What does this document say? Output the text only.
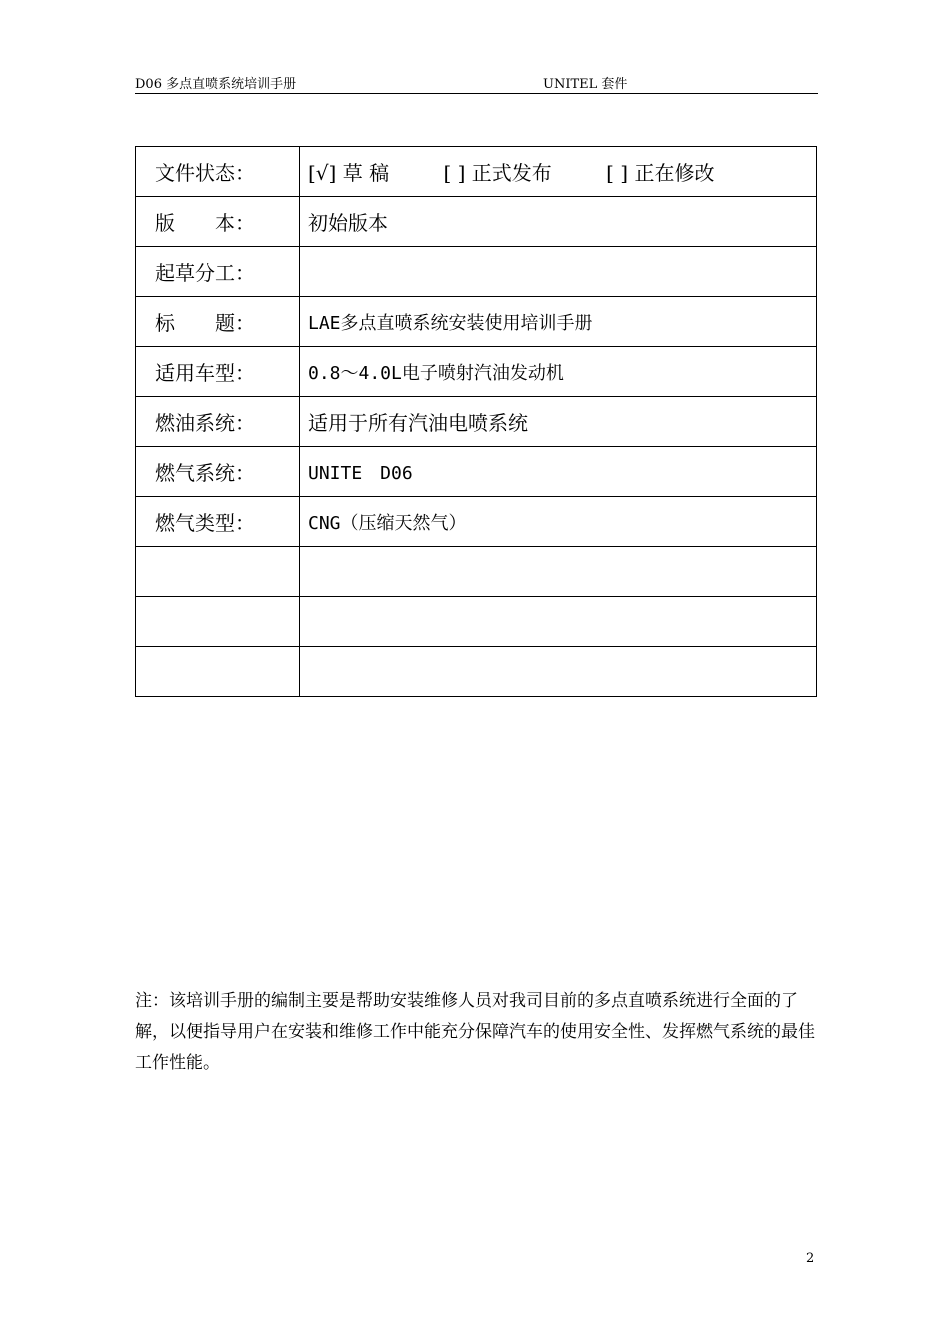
D06 多点直喷系统培训手册	UNITEL 套件
文件状态：	[√] 草 稿 [ ] 正式发布 [ ] 正在修改
版　　本：	初始版本
起草分工：	
标　　题：	LAE多点直喷系统安装使用培训手册
适用车型：	0.8～4.0L电子喷射汽油发动机
燃油系统：	适用于所有汽油电喷系统
燃气系统：	UNITE　D06
燃气类型：	CNG（压缩天然气）

注：该培训手册的编制主要是帮助安装维修人员对我司目前的多点直喷系统进行全面的了解，以便指导用户在安装和维修工作中能充分保障汽车的使用安全性、发挥燃气系统的最佳工作性能。
2
